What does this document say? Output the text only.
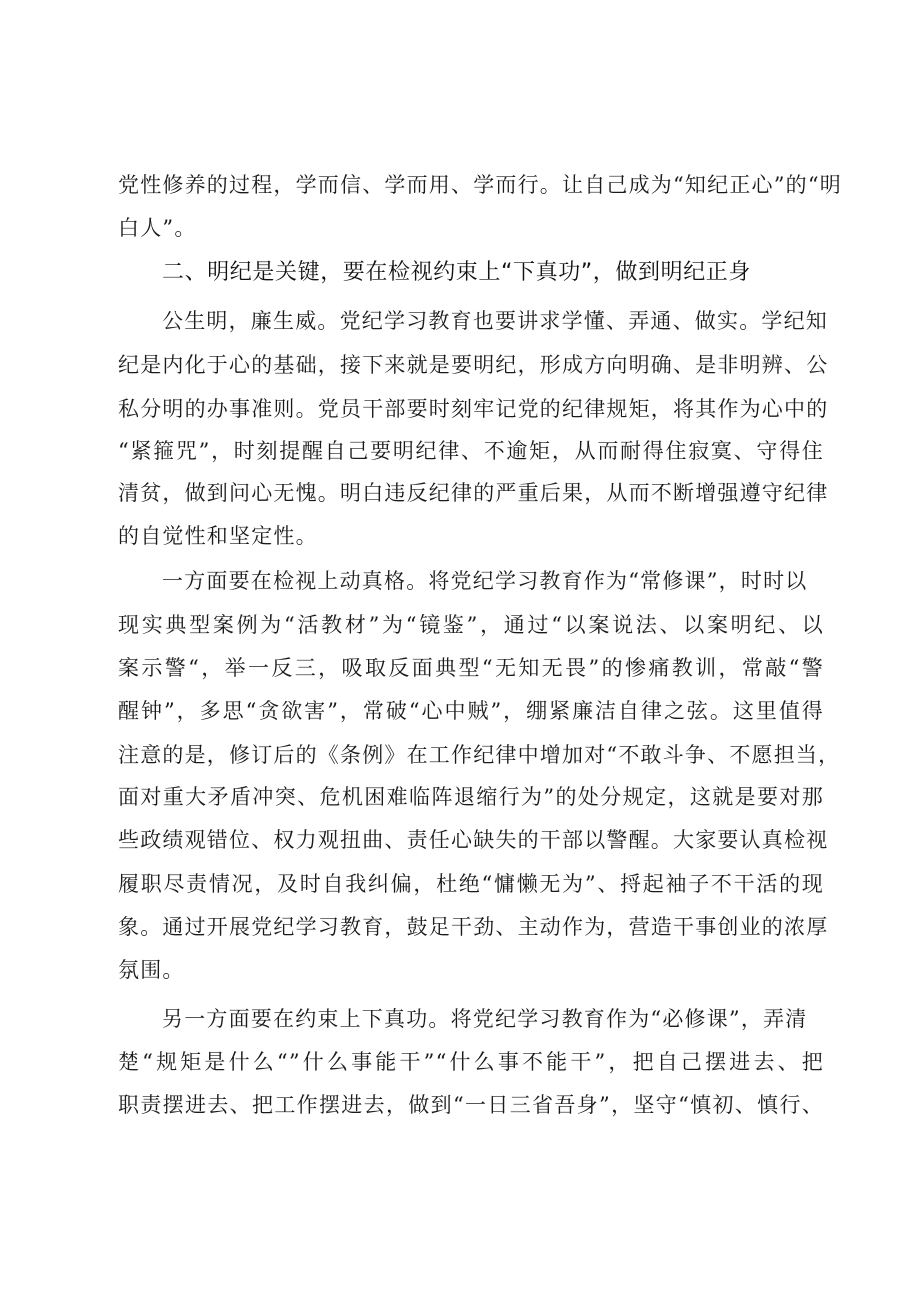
党性修养的过程，学而信、学而用、学而行。让自己成为“知纪正心”的“明
白人”。
二、明纪是关键，要在检视约束上“下真功”，做到明纪正身
公生明，廉生威。党纪学习教育也要讲求学懂、弄通、做实。学纪知
纪是内化于心的基础，接下来就是要明纪，形成方向明确、是非明辨、公
私分明的办事准则。党员干部要时刻牢记党的纪律规矩，将其作为心中的
“紧箍咒”，时刻提醒自己要明纪律、不逾矩，从而耐得住寂寞、守得住
清贫，做到问心无愧。明白违反纪律的严重后果，从而不断增强遵守纪律
的自觉性和坚定性。
一方面要在检视上动真格。将党纪学习教育作为“常修课”，时时以
现实典型案例为“活教材”为“镜鉴”，通过“以案说法、以案明纪、以
案示警“，举一反三，吸取反面典型“无知无畏”的惨痛教训，常敲“警
醒钟”，多思“贪欲害”，常破“心中贼”，绷紧廉洁自律之弦。这里值得
注意的是，修订后的《条例》在工作纪律中增加对“不敢斗争、不愿担当，
面对重大矛盾冲突、危机困难临阵退缩行为”的处分规定，这就是要对那
些政绩观错位、权力观扭曲、责任心缺失的干部以警醒。大家要认真检视
履职尽责情况，及时自我纠偏，杜绝“慵懒无为”、捋起袖子不干活的现
象。通过开展党纪学习教育，鼓足干劲、主动作为，营造干事创业的浓厚
氛围。
另一方面要在约束上下真功。将党纪学习教育作为“必修课”，弄清
楚“规矩是什么“”什么事能干”“什么事不能干”，把自己摆进去、把
职责摆进去、把工作摆进去，做到“一日三省吾身”，坚守“慎初、慎行、
